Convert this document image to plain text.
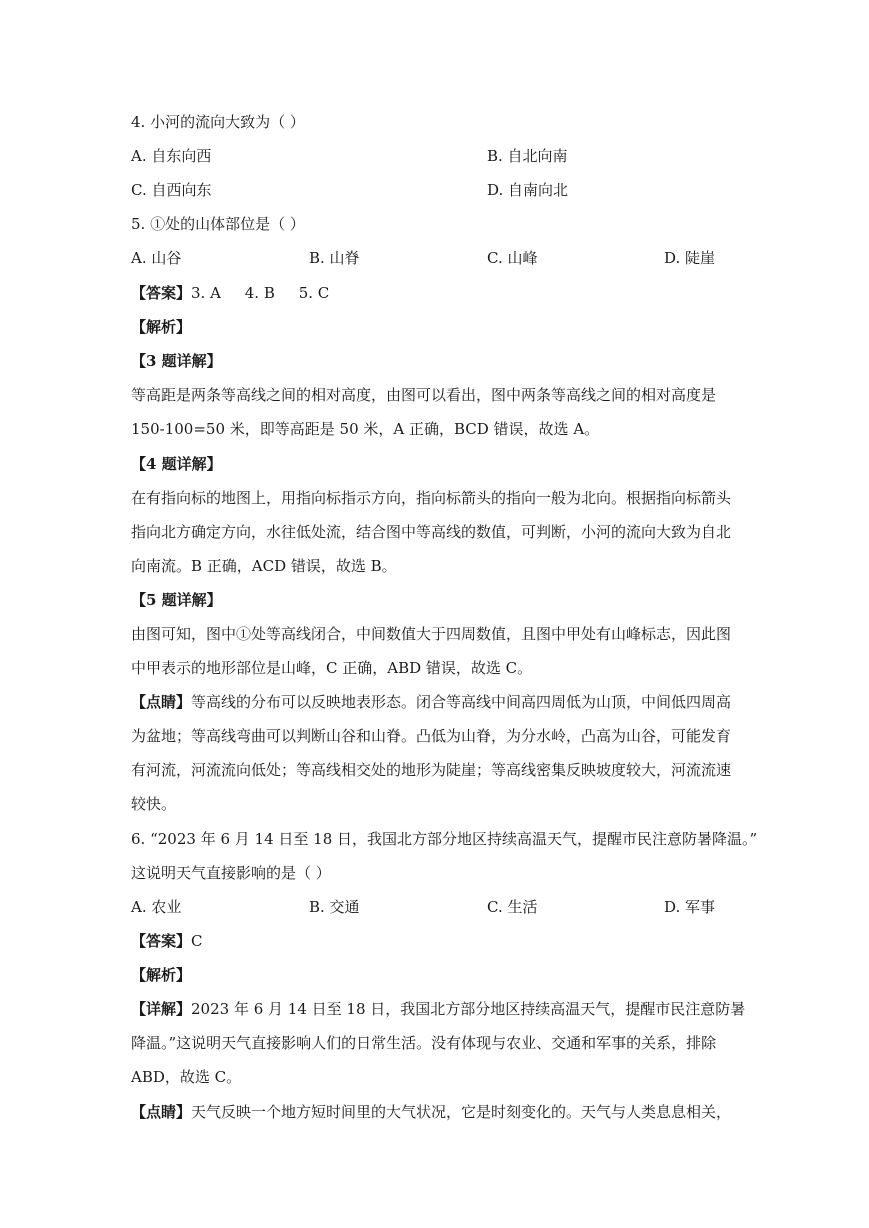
4. 小河的流向大致为（ ）
A. 自东向西	B. 自北向南
C. 自西向东	D. 自南向北
5. ①处的山体部位是（ ）
A. 山谷	B. 山脊	C. 山峰	D. 陡崖
【答案】3. A     4. B     5. C
【解析】
【3 题详解】
等高距是两条等高线之间的相对高度，由图可以看出，图中两条等高线之间的相对高度是
150-100=50 米，即等高距是 50 米，A 正确，BCD 错误，故选 A。
【4 题详解】
在有指向标的地图上，用指向标指示方向，指向标箭头的指向一般为北向。根据指向标箭头
指向北方确定方向，水往低处流，结合图中等高线的数值，可判断，小河的流向大致为自北
向南流。B 正确，ACD 错误，故选 B。
【5 题详解】
由图可知，图中①处等高线闭合，中间数值大于四周数值，且图中甲处有山峰标志，因此图
中甲表示的地形部位是山峰，C 正确，ABD 错误，故选 C。
【点睛】等高线的分布可以反映地表形态。闭合等高线中间高四周低为山顶，中间低四周高
为盆地；等高线弯曲可以判断山谷和山脊。凸低为山脊，为分水岭，凸高为山谷，可能发育
有河流，河流流向低处；等高线相交处的地形为陡崖；等高线密集反映坡度较大，河流流速
较快。
6. “2023 年 6 月 14 日至 18 日，我国北方部分地区持续高温天气，提醒市民注意防暑降温。”
这说明天气直接影响的是（ ）
A. 农业	B. 交通	C. 生活	D. 军事
【答案】C
【解析】
【详解】2023 年 6 月 14 日至 18 日，我国北方部分地区持续高温天气，提醒市民注意防暑
降温。”这说明天气直接影响人们的日常生活。没有体现与农业、交通和军事的关系，排除
ABD，故选 C。
【点睛】天气反映一个地方短时间里的大气状况，它是时刻变化的。天气与人类息息相关，
